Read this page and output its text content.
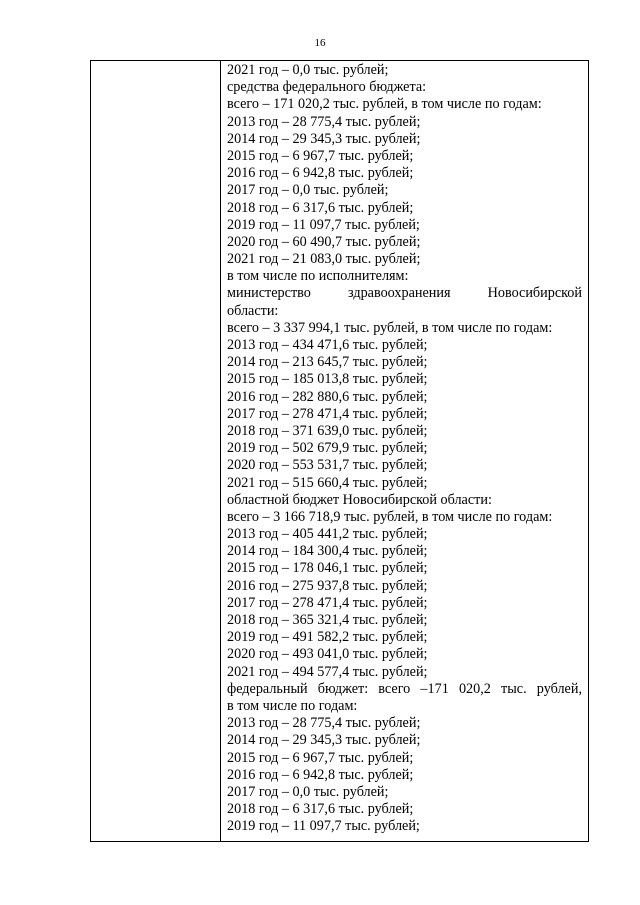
16
2021 год – 0,0 тыс. рублей;
средства федерального бюджета:
всего – 171 020,2 тыс. рублей, в том числе по годам:
2013 год – 28 775,4 тыс. рублей;
2014 год – 29 345,3 тыс. рублей;
2015 год – 6 967,7 тыс. рублей;
2016 год – 6 942,8 тыс. рублей;
2017 год – 0,0 тыс. рублей;
2018 год – 6 317,6 тыс. рублей;
2019 год – 11 097,7 тыс. рублей;
2020 год – 60 490,7 тыс. рублей;
2021 год – 21 083,0 тыс. рублей;
в том числе по исполнителям:
министерство здравоохранения Новосибирской
области:
всего – 3 337 994,1 тыс. рублей, в том числе по годам:
2013 год – 434 471,6 тыс. рублей;
2014 год – 213 645,7 тыс. рублей;
2015 год – 185 013,8 тыс. рублей;
2016 год – 282 880,6 тыс. рублей;
2017 год – 278 471,4 тыс. рублей;
2018 год – 371 639,0 тыс. рублей;
2019 год – 502 679,9 тыс. рублей;
2020 год – 553 531,7 тыс. рублей;
2021 год – 515 660,4 тыс. рублей;
областной бюджет Новосибирской области:
всего – 3 166 718,9 тыс. рублей, в том числе по годам:
2013 год – 405 441,2 тыс. рублей;
2014 год – 184 300,4 тыс. рублей;
2015 год – 178 046,1 тыс. рублей;
2016 год – 275 937,8 тыс. рублей;
2017 год – 278 471,4 тыс. рублей;
2018 год – 365 321,4 тыс. рублей;
2019 год – 491 582,2 тыс. рублей;
2020 год – 493 041,0 тыс. рублей;
2021 год – 494 577,4 тыс. рублей;
федеральный бюджет: всего –171 020,2 тыс. рублей,
в том числе по годам:
2013 год – 28 775,4 тыс. рублей;
2014 год – 29 345,3 тыс. рублей;
2015 год – 6 967,7 тыс. рублей;
2016 год – 6 942,8 тыс. рублей;
2017 год – 0,0 тыс. рублей;
2018 год – 6 317,6 тыс. рублей;
2019 год – 11 097,7 тыс. рублей;
